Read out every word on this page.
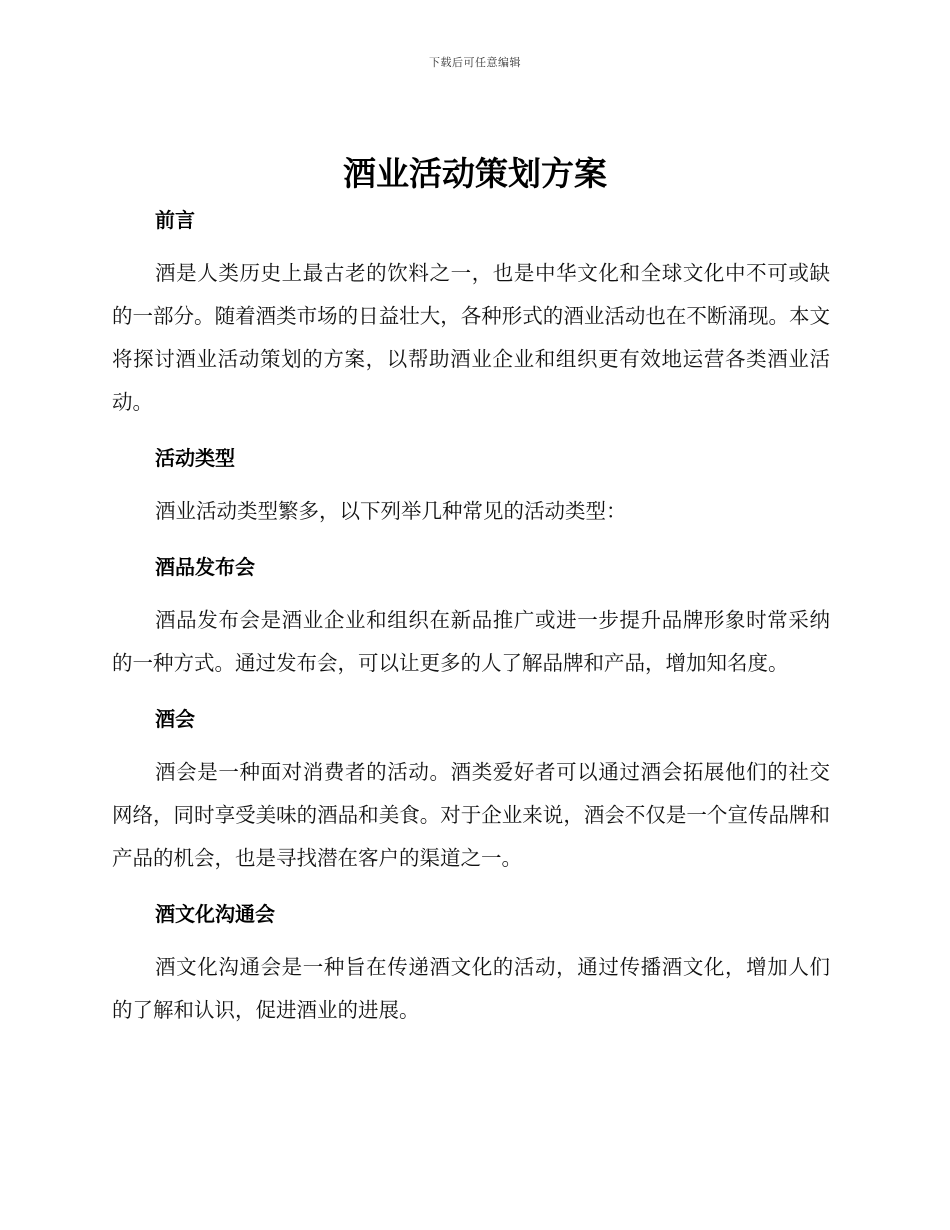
下载后可任意编辑
酒业活动策划方案
前言

酒是人类历史上最古老的饮料之一，也是中华文化和全球文化中不可或缺的一部分。随着酒类市场的日益壮大，各种形式的酒业活动也在不断涌现。本文将探讨酒业活动策划的方案，以帮助酒业企业和组织更有效地运营各类酒业活动。

活动类型

酒业活动类型繁多，以下列举几种常见的活动类型：

酒品发布会

酒品发布会是酒业企业和组织在新品推广或进一步提升品牌形象时常采纳的一种方式。通过发布会，可以让更多的人了解品牌和产品，增加知名度。

酒会

酒会是一种面对消费者的活动。酒类爱好者可以通过酒会拓展他们的社交网络，同时享受美味的酒品和美食。对于企业来说，酒会不仅是一个宣传品牌和产品的机会，也是寻找潜在客户的渠道之一。

酒文化沟通会

酒文化沟通会是一种旨在传递酒文化的活动，通过传播酒文化，增加人们的了解和认识，促进酒业的进展。
